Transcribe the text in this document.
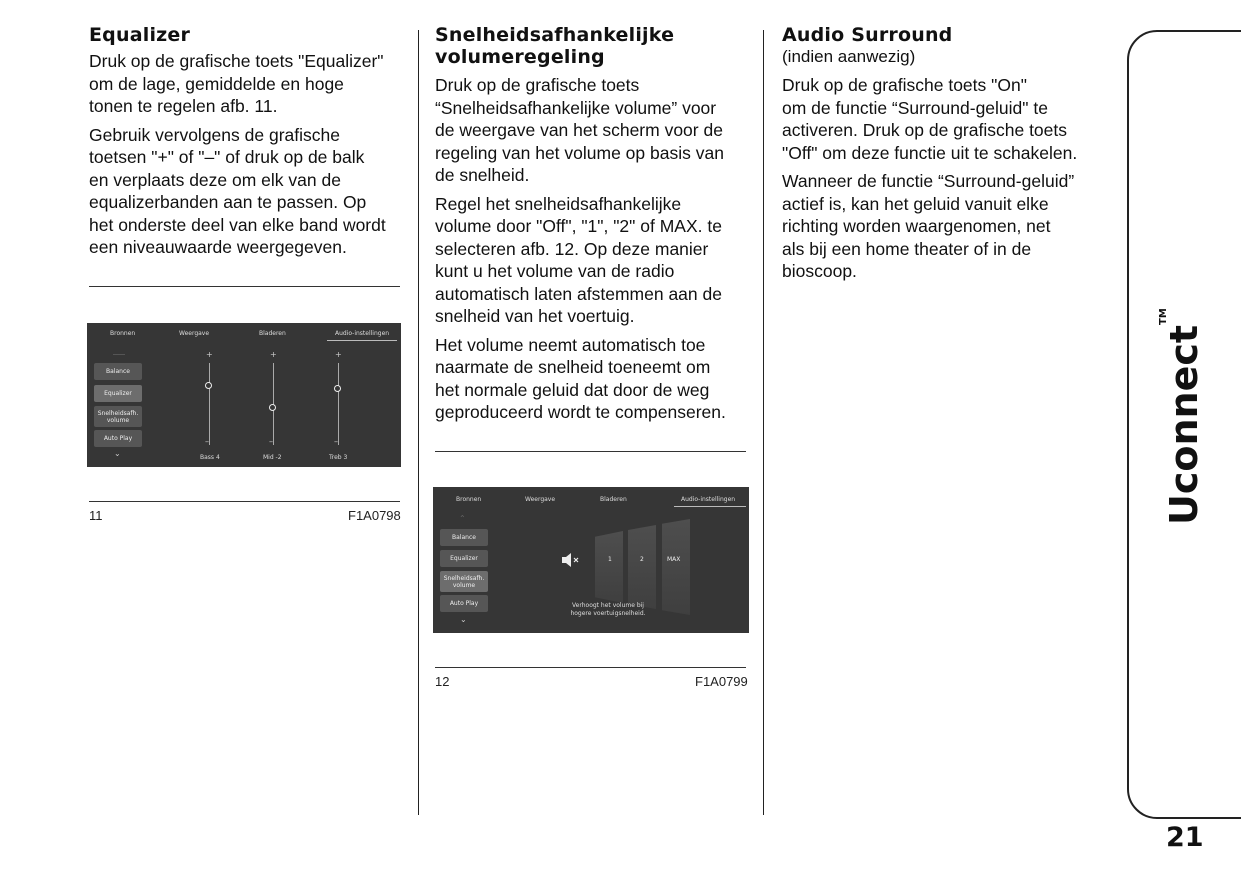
Equalizer

Druk op de grafische toets "Equalizer"
om de lage, gemiddelde en hoge
tonen te regelen afb. 11.

Gebruik vervolgens de grafische
toetsen "+" of "–" of druk op de balk
en verplaats deze om elk van de
equalizerbanden aan te passen. Op
het onderste deel van elke band wordt
een niveauwaarde weergegeven.

Bronnen	Weergave	Bladeren	Audio-instellingen
Balance
Equalizer
Snelheidsafh. volume
Auto Play
⌄
+
–
Bass 4
+
–
Mid -2
+
–
Treb 3
11	F1A0798
Snelheidsafhankelijke
volumeregeling

Druk op de grafische toets
“Snelheidsafhankelijke volume” voor
de weergave van het scherm voor de
regeling van het volume op basis van
de snelheid.

Regel het snelheidsafhankelijke
volume door "Off", "1", "2" of MAX. te
selecteren afb. 12. Op deze manier
kunt u het volume van de radio
automatisch laten afstemmen aan de
snelheid van het voertuig.

Het volume neemt automatisch toe
naarmate de snelheid toeneemt om
het normale geluid dat door de weg
geproduceerd wordt te compenseren.

Bronnen	Weergave	Bladeren	Audio-instellingen
⌃
Balance
Equalizer
Snelheidsafh. volume
Auto Play
⌄
1	2	MAX
Verhoogt het volume bij
hogere voertuigsnelheid.
12	F1A0799
Audio Surround

(indien aanwezig)

Druk op de grafische toets "On"
om de functie “Surround-geluid" te
activeren. Druk op de grafische toets
"Off" om deze functie uit te schakelen.

Wanneer de functie “Surround-geluid”
actief is, kan het geluid vanuit elke
richting worden waargenomen, net
als bij een home theater of in de
bioscoop.

Uconnect™
21
